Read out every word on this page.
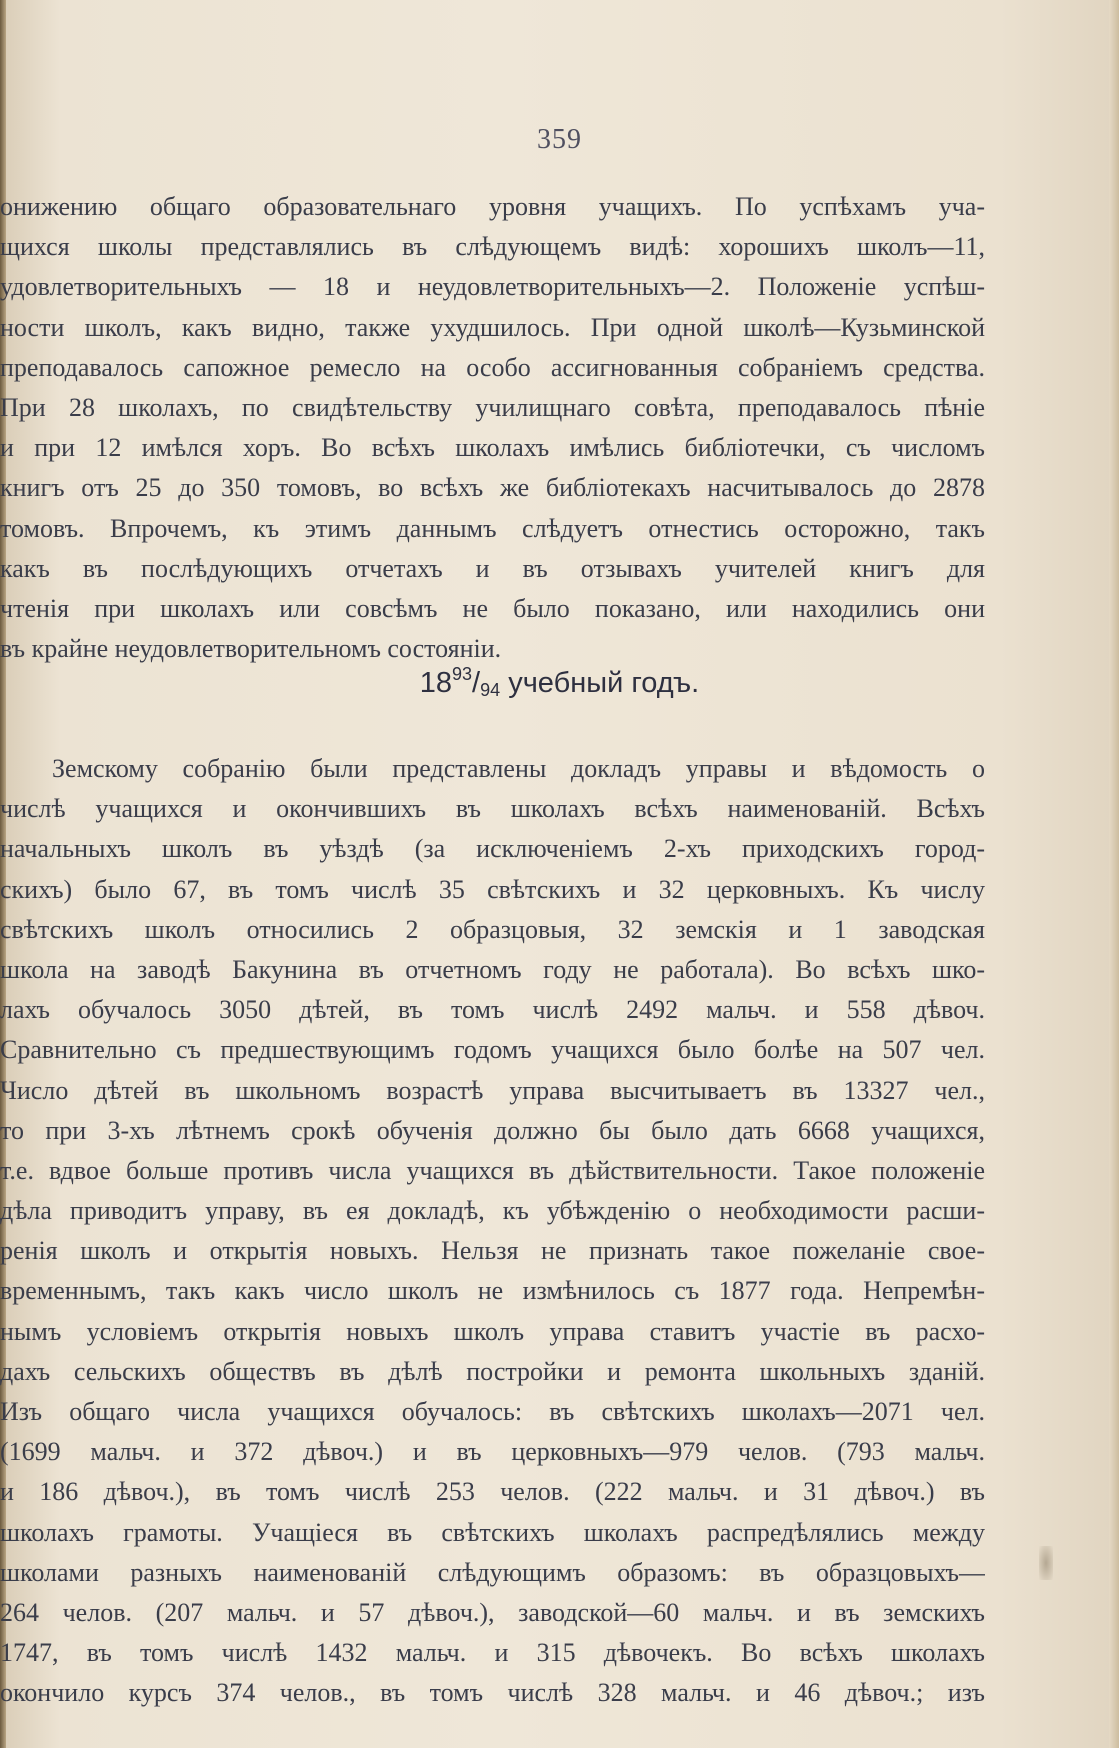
359
онижению общаго образовательнаго уровня учащихъ. По успѣхамъ уча-
щихся школы представлялись въ слѣдующемъ видѣ: хорошихъ школъ—11,
удовлетворительныхъ — 18 и неудовлетворительныхъ—2. Положеніе успѣш-
ности школъ, какъ видно, также ухудшилось. При одной школѣ—Кузьминской
преподавалось сапожное ремесло на особо ассигнованныя собраніемъ средства.
При 28 школахъ, по свидѣтельству училищнаго совѣта, преподавалось пѣніе
и при 12 имѣлся хоръ. Во всѣхъ школахъ имѣлись библіотечки, съ числомъ
книгъ отъ 25 до 350 томовъ, во всѣхъ же библіотекахъ насчитывалось до 2878
томовъ. Впрочемъ, къ этимъ даннымъ слѣдуетъ отнестись осторожно, такъ
какъ въ послѣдующихъ отчетахъ и въ отзывахъ учителей книгъ для
чтенія при школахъ или совсѣмъ не было показано, или находились они
въ крайне неудовлетворительномъ состояніи.
$18^{93}/_{94}$ учебный годъ.
Земскому собранію были представлены докладъ управы и вѣдомость о
числѣ учащихся и окончившихъ въ школахъ всѣхъ наименованій. Всѣхъ
начальныхъ школъ въ уѣздѣ (за исключеніемъ 2-хъ приходскихъ город-
скихъ) было 67, въ томъ числѣ 35 свѣтскихъ и 32 церковныхъ. Къ числу
свѣтскихъ школъ относились 2 образцовыя, 32 земскія и 1 заводская
школа на заводѣ Бакунина въ отчетномъ году не работала). Во всѣхъ шко-
лахъ обучалось 3050 дѣтей, въ томъ числѣ 2492 мальч. и 558 дѣвоч.
Сравнительно съ предшествующимъ годомъ учащихся было болѣе на 507 чел.
Число дѣтей въ школьномъ возрастѣ управа высчитываетъ въ 13327 чел.,
то при 3-хъ лѣтнемъ срокѣ обученія должно бы было дать 6668 учащихся,
т.е. вдвое больше противъ числа учащихся въ дѣйствительности. Такое положеніе
дѣла приводитъ управу, въ ея докладѣ, къ убѣжденію о необходимости расши-
ренія школъ и открытія новыхъ. Нельзя не признать такое пожеланіе свое-
временнымъ, такъ какъ число школъ не измѣнилось съ 1877 года. Непремѣн-
нымъ условіемъ открытія новыхъ школъ управа ставитъ участіе въ расхо-
дахъ сельскихъ обществъ въ дѣлѣ постройки и ремонта школьныхъ зданій.
Изъ общаго числа учащихся обучалось: въ свѣтскихъ школахъ—2071 чел.
(1699 мальч. и 372 дѣвоч.) и въ церковныхъ—979 челов. (793 мальч.
и 186 дѣвоч.), въ томъ числѣ 253 челов. (222 мальч. и 31 дѣвоч.) въ
школахъ грамоты. Учащіеся въ свѣтскихъ школахъ распредѣлялись между
школами разныхъ наименованій слѣдующимъ образомъ: въ образцовыхъ—
264 челов. (207 мальч. и 57 дѣвоч.), заводской—60 мальч. и въ земскихъ
1747, въ томъ числѣ 1432 мальч. и 315 дѣвочекъ. Во всѣхъ школахъ
окончило курсъ 374 челов., въ томъ числѣ 328 мальч. и 46 дѣвоч.; изъ
